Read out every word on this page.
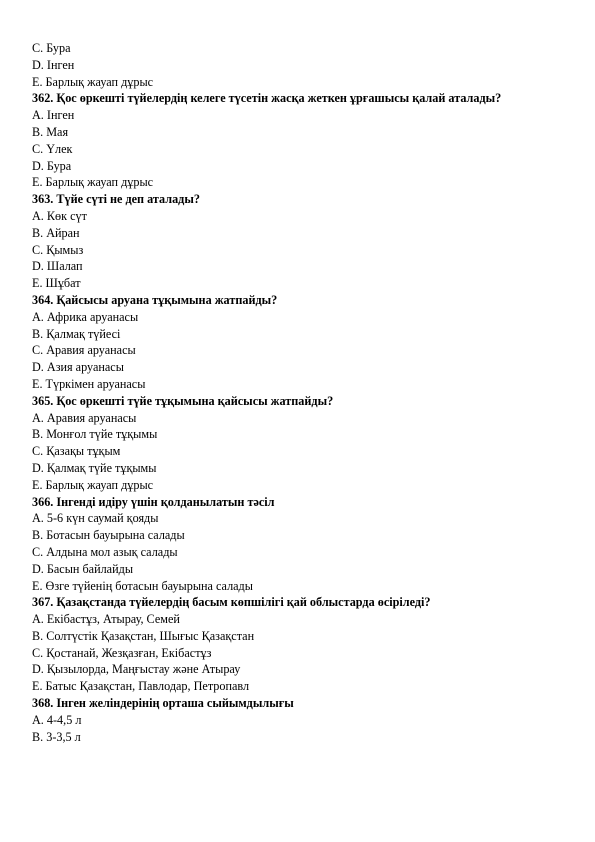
C. Бура
D. Інген
E. Барлық жауап дұрыс
362. Қос өркешті түйелердің келеге түсетін жасқа жеткен ұрғашысы қалай аталады?
A. Інген
B. Мая
C. Үлек
D. Бура
E. Барлық жауап дұрыс
363. Түйе сүті не деп аталады?
A. Көк сүт
B. Айран
C. Қымыз
D. Шалап
E. Шұбат
364. Қайсысы аруана тұқымына жатпайды?
A. Африка аруанасы
B. Қалмақ түйесі
C. Аравия аруанасы
D. Азия аруанасы
E. Түркімен аруанасы
365. Қос өркешті түйе тұқымына қайсысы жатпайды?
A. Аравия аруанасы
B. Монғол түйе тұқымы
C. Қазақы тұқым
D. Қалмақ түйе тұқымы
E. Барлық жауап дұрыс
366. Інгенді идіру үшін қолданылатын тәсіл
A. 5-6 күн саумай қояды
B. Ботасын бауырына салады
C. Алдына мол азық салады
D. Басын байлайды
E. Өзге түйенің ботасын бауырына салады
367. Қазақстанда түйелердің басым көпшілігі қай облыстарда өсіріледі?
A. Екібастұз, Атырау, Семей
B. Солтүстік Қазақстан, Шығыс Қазақстан
C. Қостанай, Жезқазған, Екібастұз
D. Қызылорда, Маңғыстау және Атырау
E. Батыс Қазақстан, Павлодар, Петропавл
368. Інген желіндерінің орташа сыйымдылығы
A. 4-4,5 л
B. 3-3,5 л
